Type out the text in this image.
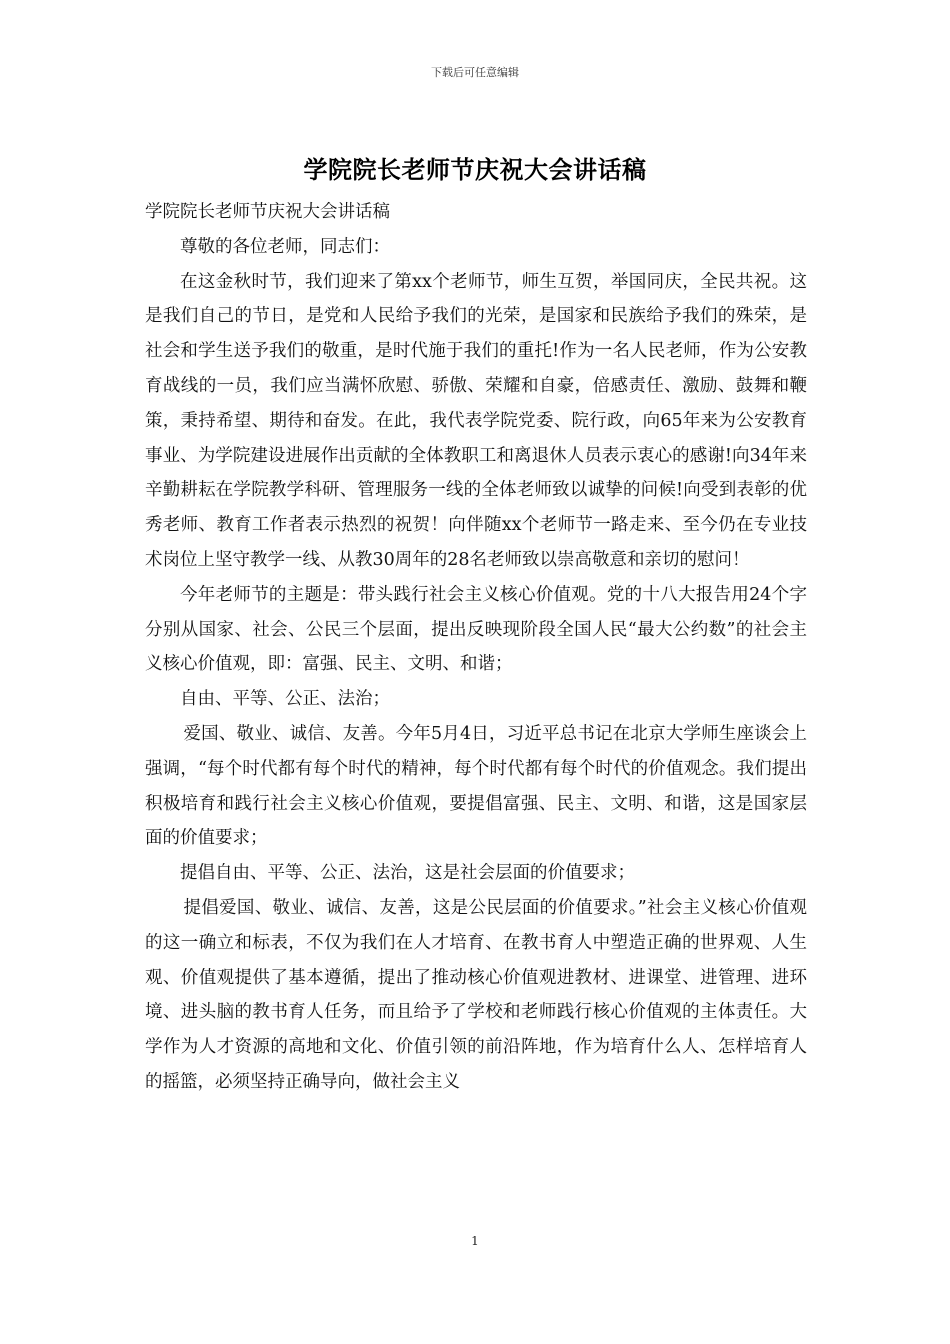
下载后可任意编辑
学院院长老师节庆祝大会讲话稿

学院院长老师节庆祝大会讲话稿

尊敬的各位老师，同志们：

在这金秋时节，我们迎来了第xx个老师节，师生互贺，举国同庆，全民共祝。这是我们自己的节日，是党和人民给予我们的光荣，是国家和民族给予我们的殊荣，是社会和学生送予我们的敬重，是时代施于我们的重托!作为一名人民老师，作为公安教育战线的一员，我们应当满怀欣慰、骄傲、荣耀和自豪，倍感责任、激励、鼓舞和鞭策，秉持希望、期待和奋发。在此，我代表学院党委、院行政，向65年来为公安教育事业、为学院建设进展作出贡献的全体教职工和离退休人员表示衷心的感谢!向34年来辛勤耕耘在学院教学科研、管理服务一线的全体老师致以诚挚的问候!向受到表彰的优秀老师、教育工作者表示热烈的祝贺！向伴随xx个老师节一路走来、至今仍在专业技术岗位上坚守教学一线、从教30周年的28名老师致以崇高敬意和亲切的慰问！

今年老师节的主题是：带头践行社会主义核心价值观。党的十八大报告用24个字分别从国家、社会、公民三个层面，提出反映现阶段全国人民“最大公约数”的社会主义核心价值观，即：富强、民主、文明、和谐；

自由、平等、公正、法治；

爱国、敬业、诚信、友善。今年5月4日，习近平总书记在北京大学师生座谈会上强调，“每个时代都有每个时代的精神，每个时代都有每个时代的价值观念。我们提出积极培育和践行社会主义核心价值观，要提倡富强、民主、文明、和谐，这是国家层面的价值要求；

提倡自由、平等、公正、法治，这是社会层面的价值要求；

提倡爱国、敬业、诚信、友善，这是公民层面的价值要求。”社会主义核心价值观的这一确立和标表，不仅为我们在人才培育、在教书育人中塑造正确的世界观、人生观、价值观提供了基本遵循，提出了推动核心价值观进教材、进课堂、进管理、进环境、进头脑的教书育人任务，而且给予了学校和老师践行核心价值观的主体责任。大学作为人才资源的高地和文化、价值引领的前沿阵地，作为培育什么人、怎样培育人的摇篮，必须坚持正确导向，做社会主义

1
